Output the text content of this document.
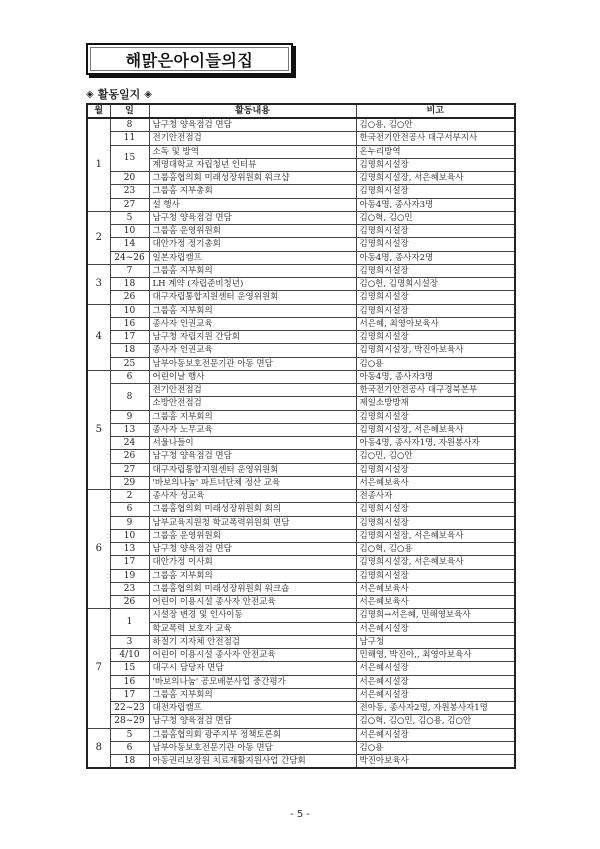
해맑은아이들의집
◈ 활동일지 ◈
월	일	활동내용	비고
1	8	남구청 양육점검 면담	김○용, 김○안
	11	전기안전점검	한국전기안전공사 대구서부지사
	15	소독 및 방역	온누리방역
		계명대학교 자립청년 인터뷰	김명희시설장
	20	그룹홈협의회 미래성장위원회 워크샵	김명희시설장, 서은혜보육사
	23	그룹홈 지부총회	김명희시설장
	27	설 행사	아동4명, 종사자3명
2	5	남구청 양육점검 면담	김○혁, 김○민
	10	그룹홈 운영위원회	김명희시설장
	14	대안가정 정기총회	김명희시설장
	24~26	일본자립캠프	아동4명, 종사자2명
3	7	그룹홈 지부회의	김명희시설장
	18	LH 계약 (자립준비청년)	김○헌, 김명희시설장
	26	대구자립통합지원센터 운영위원회	김명희시설장
4	10	그룹홈 지부회의	김명희시설장
	16	종사자 인권교육	서은혜, 최영아보육사
	17	남구청 자립지원 간담회	김명희시설장
	18	종사자 인권교육	김명희시설장, 박진아보육사
	25	남부아동보호전문기관 아동 면담	김○용
5	6	어린이날 행사	아동4명, 종사자3명
	8	전기안전점검	한국전기안전공사 대구경북본부
		소방안전점검	제일소방방재
	9	그룹홈 지부회의	김명희시설장
	13	종사자 노무교육	김명희시설장, 서은혜보육사
	24	서울나들이	아동4명, 종사자1명, 자원봉사자
	26	남구청 양육점검 면담	김○민, 김○안
	27	대구자립통합지원센터 운영위원회	김명희시설장
	29	'바보의나눔' 파트너단체 정산 교육	서은혜보육사
6	2	종사자 성교육	전종사자
	6	그룹홈협의회 미래성장위원회 회의	김명희시설장
	9	남부교육지원청 학교폭력위원회 면담	김명희시설장
	10	그룹홈 운영위원회	김명희시설장, 서은혜보육사
	13	남구청 양육점검 면담	김○혁, 김○용
	17	대안가정 이사회	김명희시설장, 서은혜보육사
	19	그룹홈 지부회의	김명희시설장
	23	그룹홈협의회 미래성장위원회 워크숍	서은혜보육사
	26	어린이 이용시설 종사자 안전교육	서은혜보육사
7	1	시설장 변경 및 인사이동	김명희→서은혜, 민해영보육사
		학교폭력 보호자 교육	서은혜시설장
	3	하절기 지자체 안전점검	남구청
	4/10	어린이 이용시설 종사자 안전교육	민해영, 박진아,, 최영아보육사
	15	대구시 담당자 면담	서은혜시설장
	16	'바보의나눔' 공모배분사업 중간평가	서은혜시설장
	17	그룹홈 지부회의	서은혜시설장
	22~23	대전자립캠프	전아동, 종사자2명, 자원봉사자1명
	28~29	남구청 양육점검 면담	김○혁, 김○민, 김○용, 김○안
8	5	그룹홈협의회 광주지부 정책토론회	서은혜시설장
	6	남부아동보호전문기관 아동 면담	김○용
	18	아동권리보장원 치료재활지원사업 간담회	박진아보육사
- 5 -
